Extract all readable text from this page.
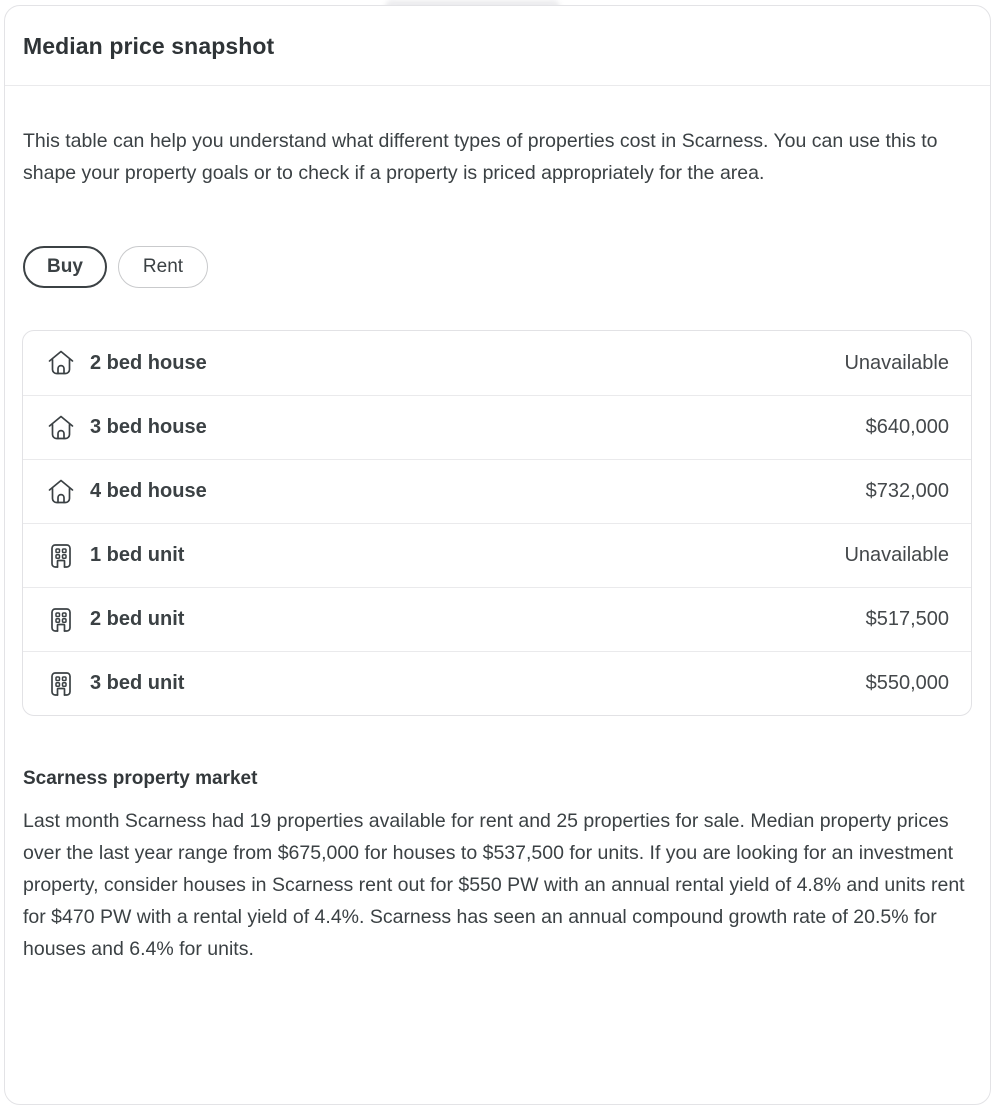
Median price snapshot

This table can help you understand what different types of properties cost in Scarness. You can use this to shape your property goals or to check if a property is priced appropriately for the area.

Buy	Rent
2 bed house	Unavailable
3 bed house	$640,000
4 bed house	$732,000
1 bed unit	Unavailable
2 bed unit	$517,500
3 bed unit	$550,000
Scarness property market

Last month Scarness had 19 properties available for rent and 25 properties for sale. Median property prices over the last year range from $675,000 for houses to $537,500 for units. If you are looking for an investment property, consider houses in Scarness rent out for $550 PW with an annual rental yield of 4.8% and units rent for $470 PW with a rental yield of 4.4%. Scarness has seen an annual compound growth rate of 20.5% for houses and 6.4% for units.
